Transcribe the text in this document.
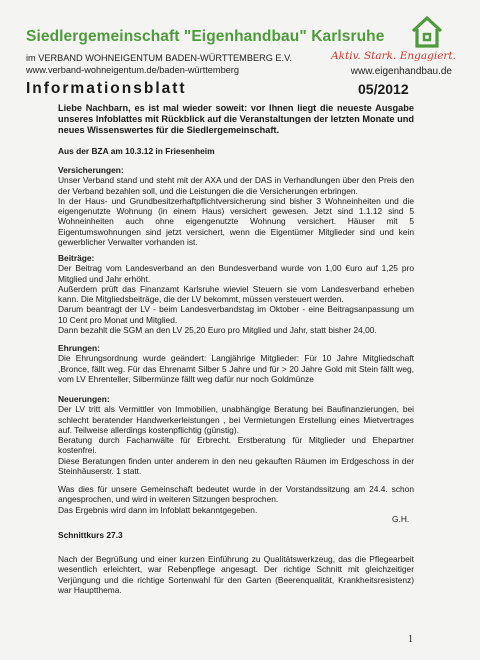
Siedlergemeinschaft "Eigenhandbau" Karlsruhe
Aktiv. Stark. Engagiert.
im VERBAND WOHNEIGENTUM BADEN-WÜRTTEMBERG E.V.
www.verband-wohneigentum.de/baden-württemberg	www.eigenhandbau.de
Informationsblatt	05/2012
Liebe Nachbarn, es ist mal wieder soweit: vor Ihnen liegt die neueste Ausgabe unseres Infoblattes mit Rückblick auf die Veranstaltungen der letzten Monate und neues Wissenswertes für die Siedlergemeinschaft.
Aus der BZA am 10.3.12 in Friesenheim

Versicherungen:

Unser Verband stand und steht mit der AXA und der DAS in Verhandlungen über den Preis den der Verband bezahlen soll, und die Leistungen die die Versicherungen erbringen.

In der Haus- und Grundbesitzerhaftpflichtversicherung sind bisher 3 Wohneinheiten und die eigengenutzte Wohnung (in einem Haus) versichert gewesen. Jetzt sind 1.1.12 sind 5 Wohneinheiten auch ohne eigengenutzte Wohnung versichert. Häuser mit 5 Eigentumswohnungen sind jetzt versichert, wenn die Eigentümer Mitglieder sind und kein gewerblicher Verwalter vorhanden ist.

Beiträge:

Der Beitrag vom Landesverband an den Bundesverband wurde von 1,00 €uro auf 1,25 pro Mitglied und Jahr erhöht.

Außerdem prüft das Finanzamt Karlsruhe wieviel Steuern sie vom Landesverband erheben kann. Die Mitgliedsbeiträge, die der LV bekommt, müssen versteuert werden.

Darum beantragt der LV - beim Landesverbandstag im Oktober - eine Beitragsanpassung um 10 Cent pro Monat und Mitglied.

Dann bezahlt die SGM an den LV 25,20 Euro pro Mitglied und Jahr, statt bisher 24,00.

Ehrungen:

Die Ehrungsordnung wurde geändert: Langjährige Mitglieder: Für 10 Jahre Mitgliedschaft ,Bronce, fällt weg. Für das Ehrenamt Silber 5 Jahre und für > 20 Jahre Gold mit Stein fällt weg, vom LV Ehrenteller, Silbermünze fällt weg dafür nur noch Goldmünze

Neuerungen:

Der LV tritt als Vermittler von Immobilien, unabhängige Beratung bei Baufinanzierungen, bei schlecht beratender Handwerkerleistungen , bei Vermietungen Erstellung eines Mietvertrages auf. Teilweise allerdings kostenpflichtig (günstig).

Beratung durch Fachanwälte für Erbrecht. Erstberatung für Mitglieder und Ehepartner kostenfrei.

Diese Beratungen finden unter anderem in den neu gekauften Räumen im Erdgeschoss in der Steinhäuserstr. 1 statt.

Was dies für unsere Gemeinschaft bedeutet wurde in der Vorstandssitzung am 24.4. schon angesprochen, und wird in weiteren Sitzungen besprochen.

Das Ergebnis wird dann im Infoblatt bekanntgegeben.

G.H.
Schnittkurs 27.3
Nach der Begrüßung und einer kurzen Einführung zu Qualitätswerkzeug, das die Pflegearbeit wesentlich erleichtert, war Rebenpflege angesagt. Der richtige Schnitt mit gleichzeitiger Verjüngung und die richtige Sortenwahl für den Garten (Beerenqualität, Krankheitsresistenz) war Hauptthema.
1
